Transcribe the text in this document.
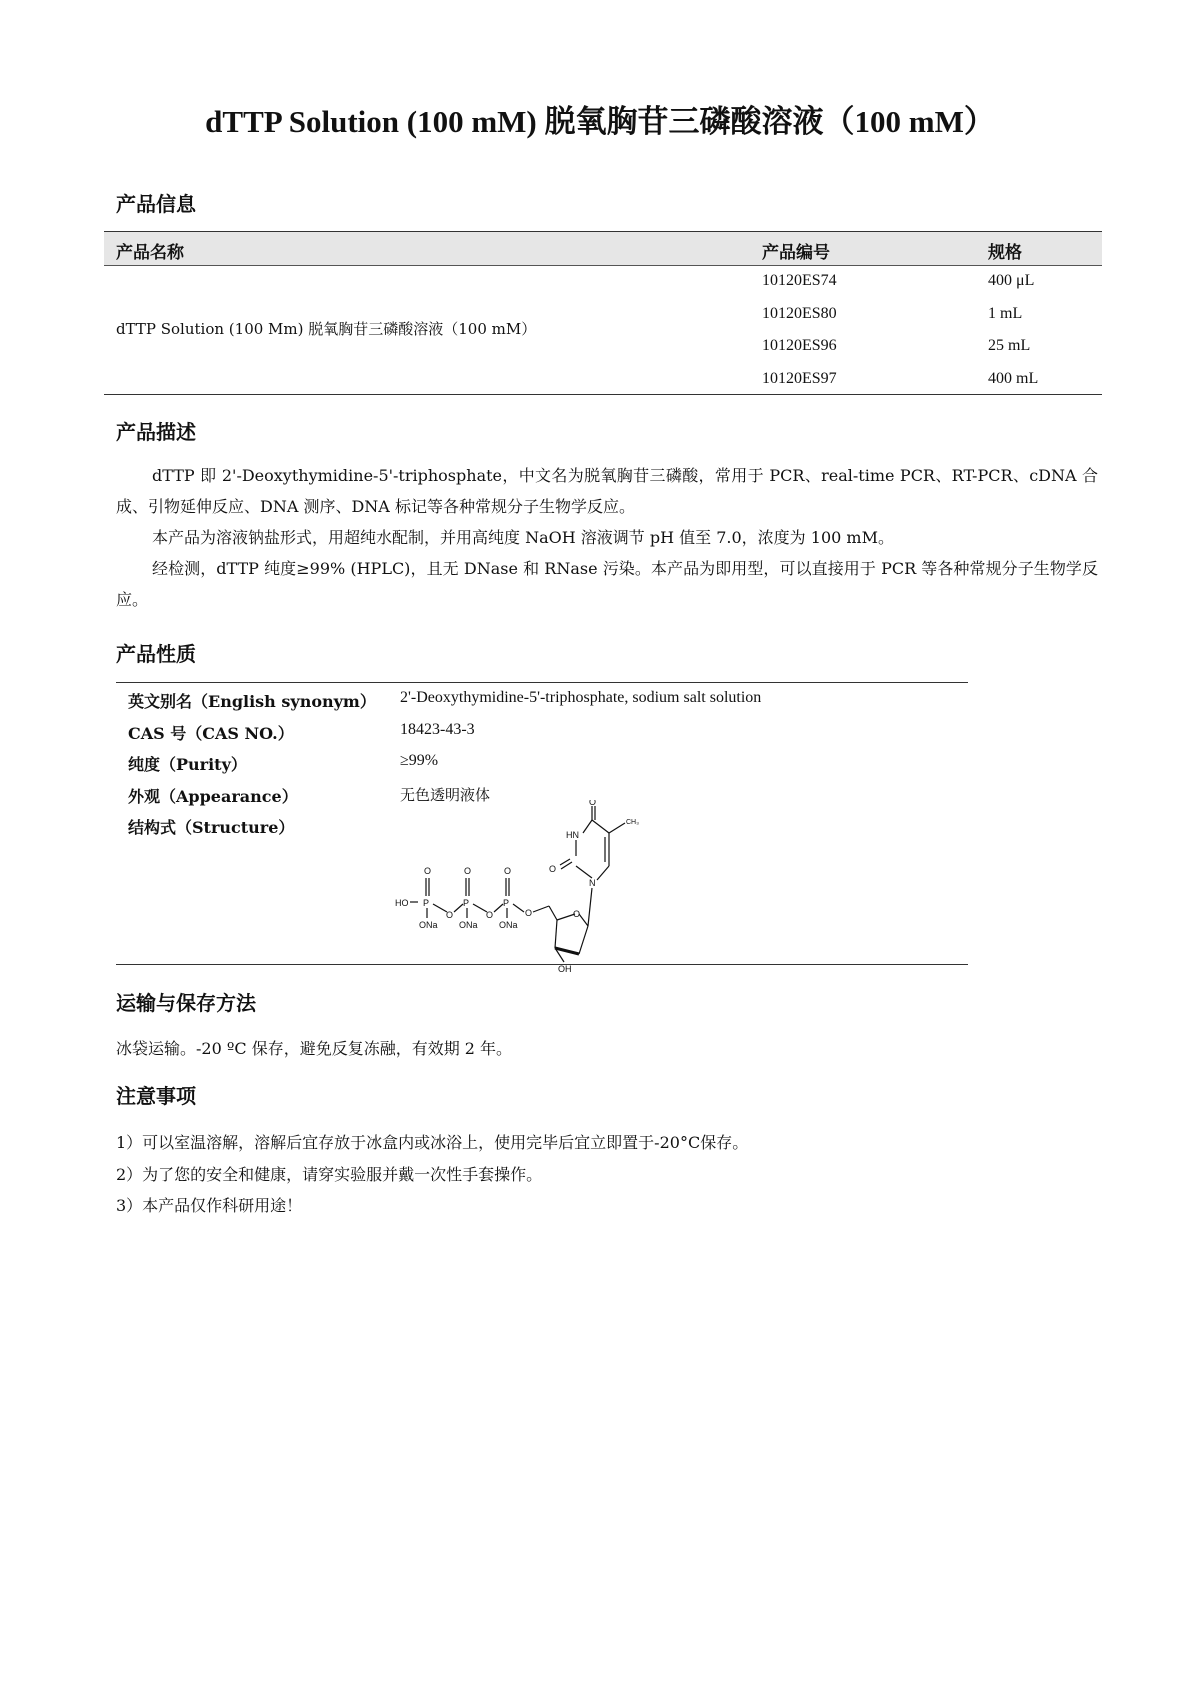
dTTP Solution (100 mM) 脱氧胸苷三磷酸溶液（100 mM）
产品信息
产品名称	产品编号	规格
dTTP Solution (100 Mm) 脱氧胸苷三磷酸溶液（100 mM）
10120ES74	400 μL
10120ES80	1 mL
10120ES96	25 mL
10120ES97	400 mL
产品描述

dTTP 即 2'-Deoxythymidine-5'-triphosphate，中文名为脱氧胸苷三磷酸，常用于 PCR、real-time PCR、RT-PCR、cDNA 合成、引物延伸反应、DNA 测序、DNA 标记等各种常规分子生物学反应。

本产品为溶液钠盐形式，用超纯水配制，并用高纯度 NaOH 溶液调节 pH 值至 7.0，浓度为 100 mM。

经检测，dTTP 纯度≥99% (HPLC)，且无 DNase 和 RNase 污染。本产品为即用型，可以直接用于 PCR 等各种常规分子生物学反应。

产品性质
英文别名（English synonym） 2'-Deoxythymidine-5'-triphosphate, sodium salt solution
CAS 号（CAS NO.）	18423-43-3
纯度（Purity）	≥99%
外观（Appearance）	无色透明液体
结构式（Structure）
HO
O
P
O
ONa
O
P
O
ONa
O
P
O
ONa
O
OH
N
HN
O
O
CH₃
运输与保存方法
冰袋运输。-20 ºC 保存，避免反复冻融，有效期 2 年。
注意事项
1）可以室温溶解，溶解后宜存放于冰盒内或冰浴上，使用完毕后宜立即置于-20°C保存。
2）为了您的安全和健康，请穿实验服并戴一次性手套操作。
3）本产品仅作科研用途！
